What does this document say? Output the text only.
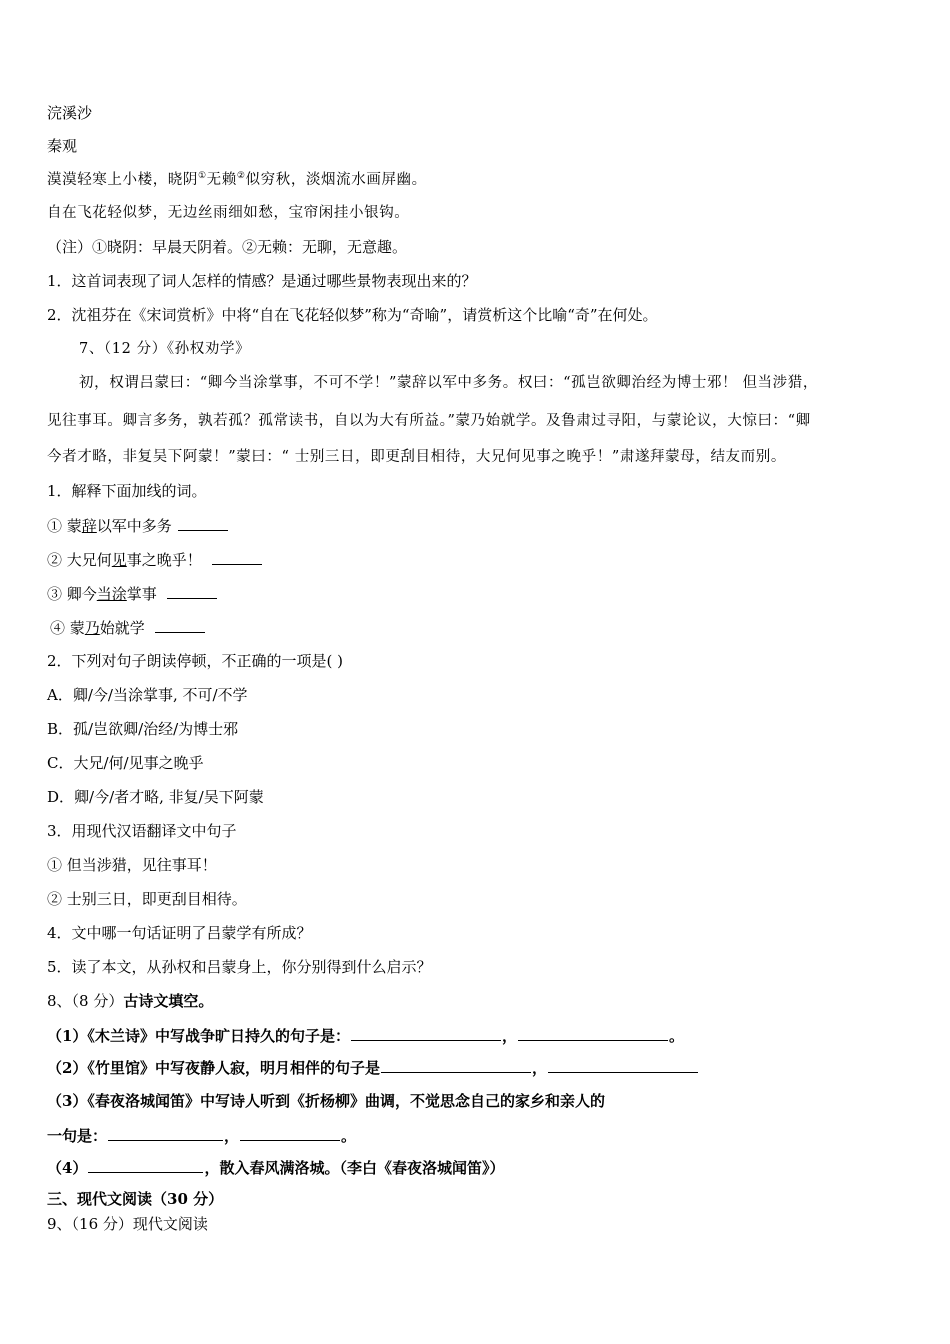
浣溪沙
秦观
漠漠轻寒上小楼，晓阴①无赖②似穷秋，淡烟流水画屏幽。
自在飞花轻似梦，无边丝雨细如愁，宝帘闲挂小银钩。
（注）①晓阴：早晨天阴着。②无赖：无聊，无意趣。
1．这首词表现了词人怎样的情感？是通过哪些景物表现出来的？
2．沈祖芬在《宋词赏析》中将“自在飞花轻似梦”称为“奇喻”，请赏析这个比喻“奇”在何处。
7、（12 分）《孙权劝学》
初，权谓吕蒙曰：“卿今当涂掌事，不可不学！”蒙辞以军中多务。权曰：“孤岂欲卿治经为博士邪！ 但当涉猎，
见往事耳。卿言多务，孰若孤？孤常读书，自以为大有所益。”蒙乃始就学。及鲁肃过寻阳，与蒙论议，大惊曰：“卿
今者才略，非复吴下阿蒙！”蒙曰：“ 士别三日，即更刮目相待，大兄何见事之晚乎！”肃遂拜蒙母，结友而别。
1．解释下面加线的词。
① 蒙辞以军中多务
② 大兄何见事之晚乎！
③ 卿今当涂掌事
④ 蒙乃始就学
2．下列对句子朗读停顿，不正确的一项是( )
A．卿/今/当涂掌事, 不可/不学
B．孤/岂欲卿/治经/为博士邪
C．大兄/何/见事之晚乎
D．卿/今/者才略, 非复/吴下阿蒙
3．用现代汉语翻译文中句子
① 但当涉猎，见往事耳！
② 士别三日，即更刮目相待。
4．文中哪一句话证明了吕蒙学有所成？
5．读了本文，从孙权和吕蒙身上，你分别得到什么启示？
8、（8 分）古诗文填空。
（1）《木兰诗》中写战争旷日持久的句子是：	，	。
（2）《竹里馆》中写夜静人寂，明月相伴的句子是	，
（3）《春夜洛城闻笛》中写诗人听到《折杨柳》曲调，不觉思念自己的家乡和亲人的
一句是：	，	。
（4）	，散入春风满洛城。（李白《春夜洛城闻笛》）
三、现代文阅读（30 分）
9、（16 分）现代文阅读
